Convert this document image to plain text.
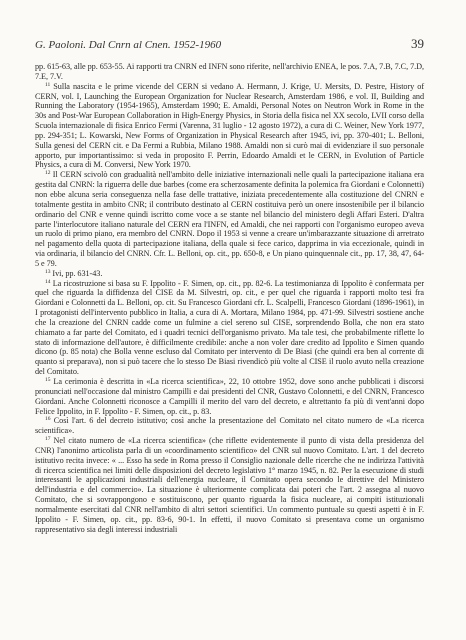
G. Paoloni. Dal Cnrn al Cnen. 1952-1960	39

pp. 615-63, alle pp. 653-55. Ai rapporti tra CNRN ed INFN sono riferite, nell'archivio ENEA, le pos. 7.A, 7.B, 7.C, 7.D, 7.E, 7.V.

$^{11}$ Sulla nascita e le prime vicende del CERN si vedano A. Hermann, J. Krige, U. Mersits, D. Pestre, History of CERN, vol. I, Launching the European Organization for Nuclear Research, Amsterdam 1986, e vol. II, Building and Running the Laboratory (1954-1965), Amsterdam 1990; E. Amaldi, Personal Notes on Neutron Work in Rome in the 30s and Post-War European Collaboration in High-Energy Physics, in Storia della fisica nel XX secolo, LVII corso della Scuola internazionale di fisica Enrico Fermi (Varenna, 31 luglio - 12 agosto 1972), a cura di C. Weiner, New York 1977, pp. 294-351; L. Kowarski, New Forms of Organization in Physical Research after 1945, ivi, pp. 370-401; L. Belloni, Sulla genesi del CERN cit. e Da Fermi a Rubbia, Milano 1988. Amaldi non si curò mai di evidenziare il suo personale apporto, pur importantissimo: si veda in proposito F. Perrin, Edoardo Amaldi et le CERN, in Evolution of Particle Physics, a cura di M. Conversi, New York 1970.

$^{12}$ Il CERN scivolò con gradualità nell'ambito delle iniziative internazionali nelle quali la partecipazione italiana era gestita dal CNRN: la riguerra delle due barbes (come era scherzosamente definita la polemica fra Giordani e Colonnetti) non ebbe alcuna seria conseguenza nella fase delle trattative, iniziata precedentemente alla costituzione del CNRN e totalmente gestita in ambito CNR; il contributo destinato al CERN costituiva però un onere insostenibile per il bilancio ordinario del CNR e venne quindi iscritto come voce a se stante nel bilancio del ministero degli Affari Esteri. D'altra parte l'interlocutore italiano naturale del CERN era l'INFN, ed Amaldi, che nei rapporti con l'organismo europeo aveva un ruolo di primo piano, era membro del CNRN. Dopo il 1953 si venne a creare un'imbarazzante situazione di arretrato nel pagamento della quota di partecipazione italiana, della quale si fece carico, dapprima in via eccezionale, quindi in via ordinaria, il bilancio del CNRN. Cfr. L. Belloni, op. cit., pp. 650-8, e Un piano quinquennale cit., pp. 17, 38, 47, 64-5 e 79.

$^{13}$ Ivi, pp. 631-43.

$^{14}$ La ricostruzione si basa su F. Ippolito - F. Simen, op. cit., pp. 82-6. La testimonianza di Ippolito è confermata per quel che riguarda la diffidenza del CISE da M. Silvestri, op. cit., e per quel che riguarda i rapporti molto tesi fra Giordani e Colonnetti da L. Belloni, op. cit. Su Francesco Giordani cfr. L. Scalpelli, Francesco Giordani (1896-1961), in I protagonisti dell'intervento pubblico in Italia, a cura di A. Mortara, Milano 1984, pp. 471-99. Silvestri sostiene anche che la creazione del CNRN cadde come un fulmine a ciel sereno sul CISE, sorprendendo Bolla, che non era stato chiamato a far parte del Comitato, ed i quadri tecnici dell'organismo privato. Ma tale tesi, che probabilmente riflette lo stato di informazione dell'autore, è difficilmente credibile: anche a non voler dare credito ad Ippolito e Simen quando dicono (p. 85 nota) che Bolla venne escluso dal Comitato per intervento di De Biasi (che quindi era ben al corrente di quanto si preparava), non si può tacere che lo stesso De Biasi rivendicò più volte al CISE il ruolo avuto nella creazione del Comitato.

$^{15}$ La cerimonia è descritta in «La ricerca scientifica», 22, 10 ottobre 1952, dove sono anche pubblicati i discorsi pronunciati nell'occasione dal ministro Campilli e dai presidenti del CNR, Gustavo Colonnetti, e del CNRN, Francesco Giordani. Anche Colonnetti riconosce a Campilli il merito del varo del decreto, e altrettanto fa più di vent'anni dopo Felice Ippolito, in F. Ippolito - F. Simen, op. cit., p. 83.

$^{16}$ Così l'art. 6 del decreto istitutivo; così anche la presentazione del Comitato nel citato numero de «La ricerca scientifica».

$^{17}$ Nel citato numero de «La ricerca scientifica» (che riflette evidentemente il punto di vista della presidenza del CNR) l'anonimo articolista parla di un «coordinamento scientifico» del CNR sul nuovo Comitato. L'art. 1 del decreto istitutivo recita invece: « ... Esso ha sede in Roma presso il Consiglio nazionale delle ricerche che ne indirizza l'attività di ricerca scientifica nei limiti delle disposizioni del decreto legislativo 1° marzo 1945, n. 82. Per la esecuzione di studi interessanti le applicazioni industriali dell'energia nucleare, il Comitato opera secondo le direttive del Ministero dell'industria e del commercio». La situazione è ulteriormente complicata dai poteri che l'art. 2 assegna al nuovo Comitato, che si sovrappongono e sostituiscono, per quanto riguarda la fisica nucleare, ai compiti istituzionali normalmente esercitati dal CNR nell'ambito di altri settori scientifici. Un commento puntuale su questi aspetti è in F. Ippolito - F. Simen, op. cit., pp. 83-6, 90-1. In effetti, il nuovo Comitato si presentava come un organismo rappresentativo sia degli interessi industriali
